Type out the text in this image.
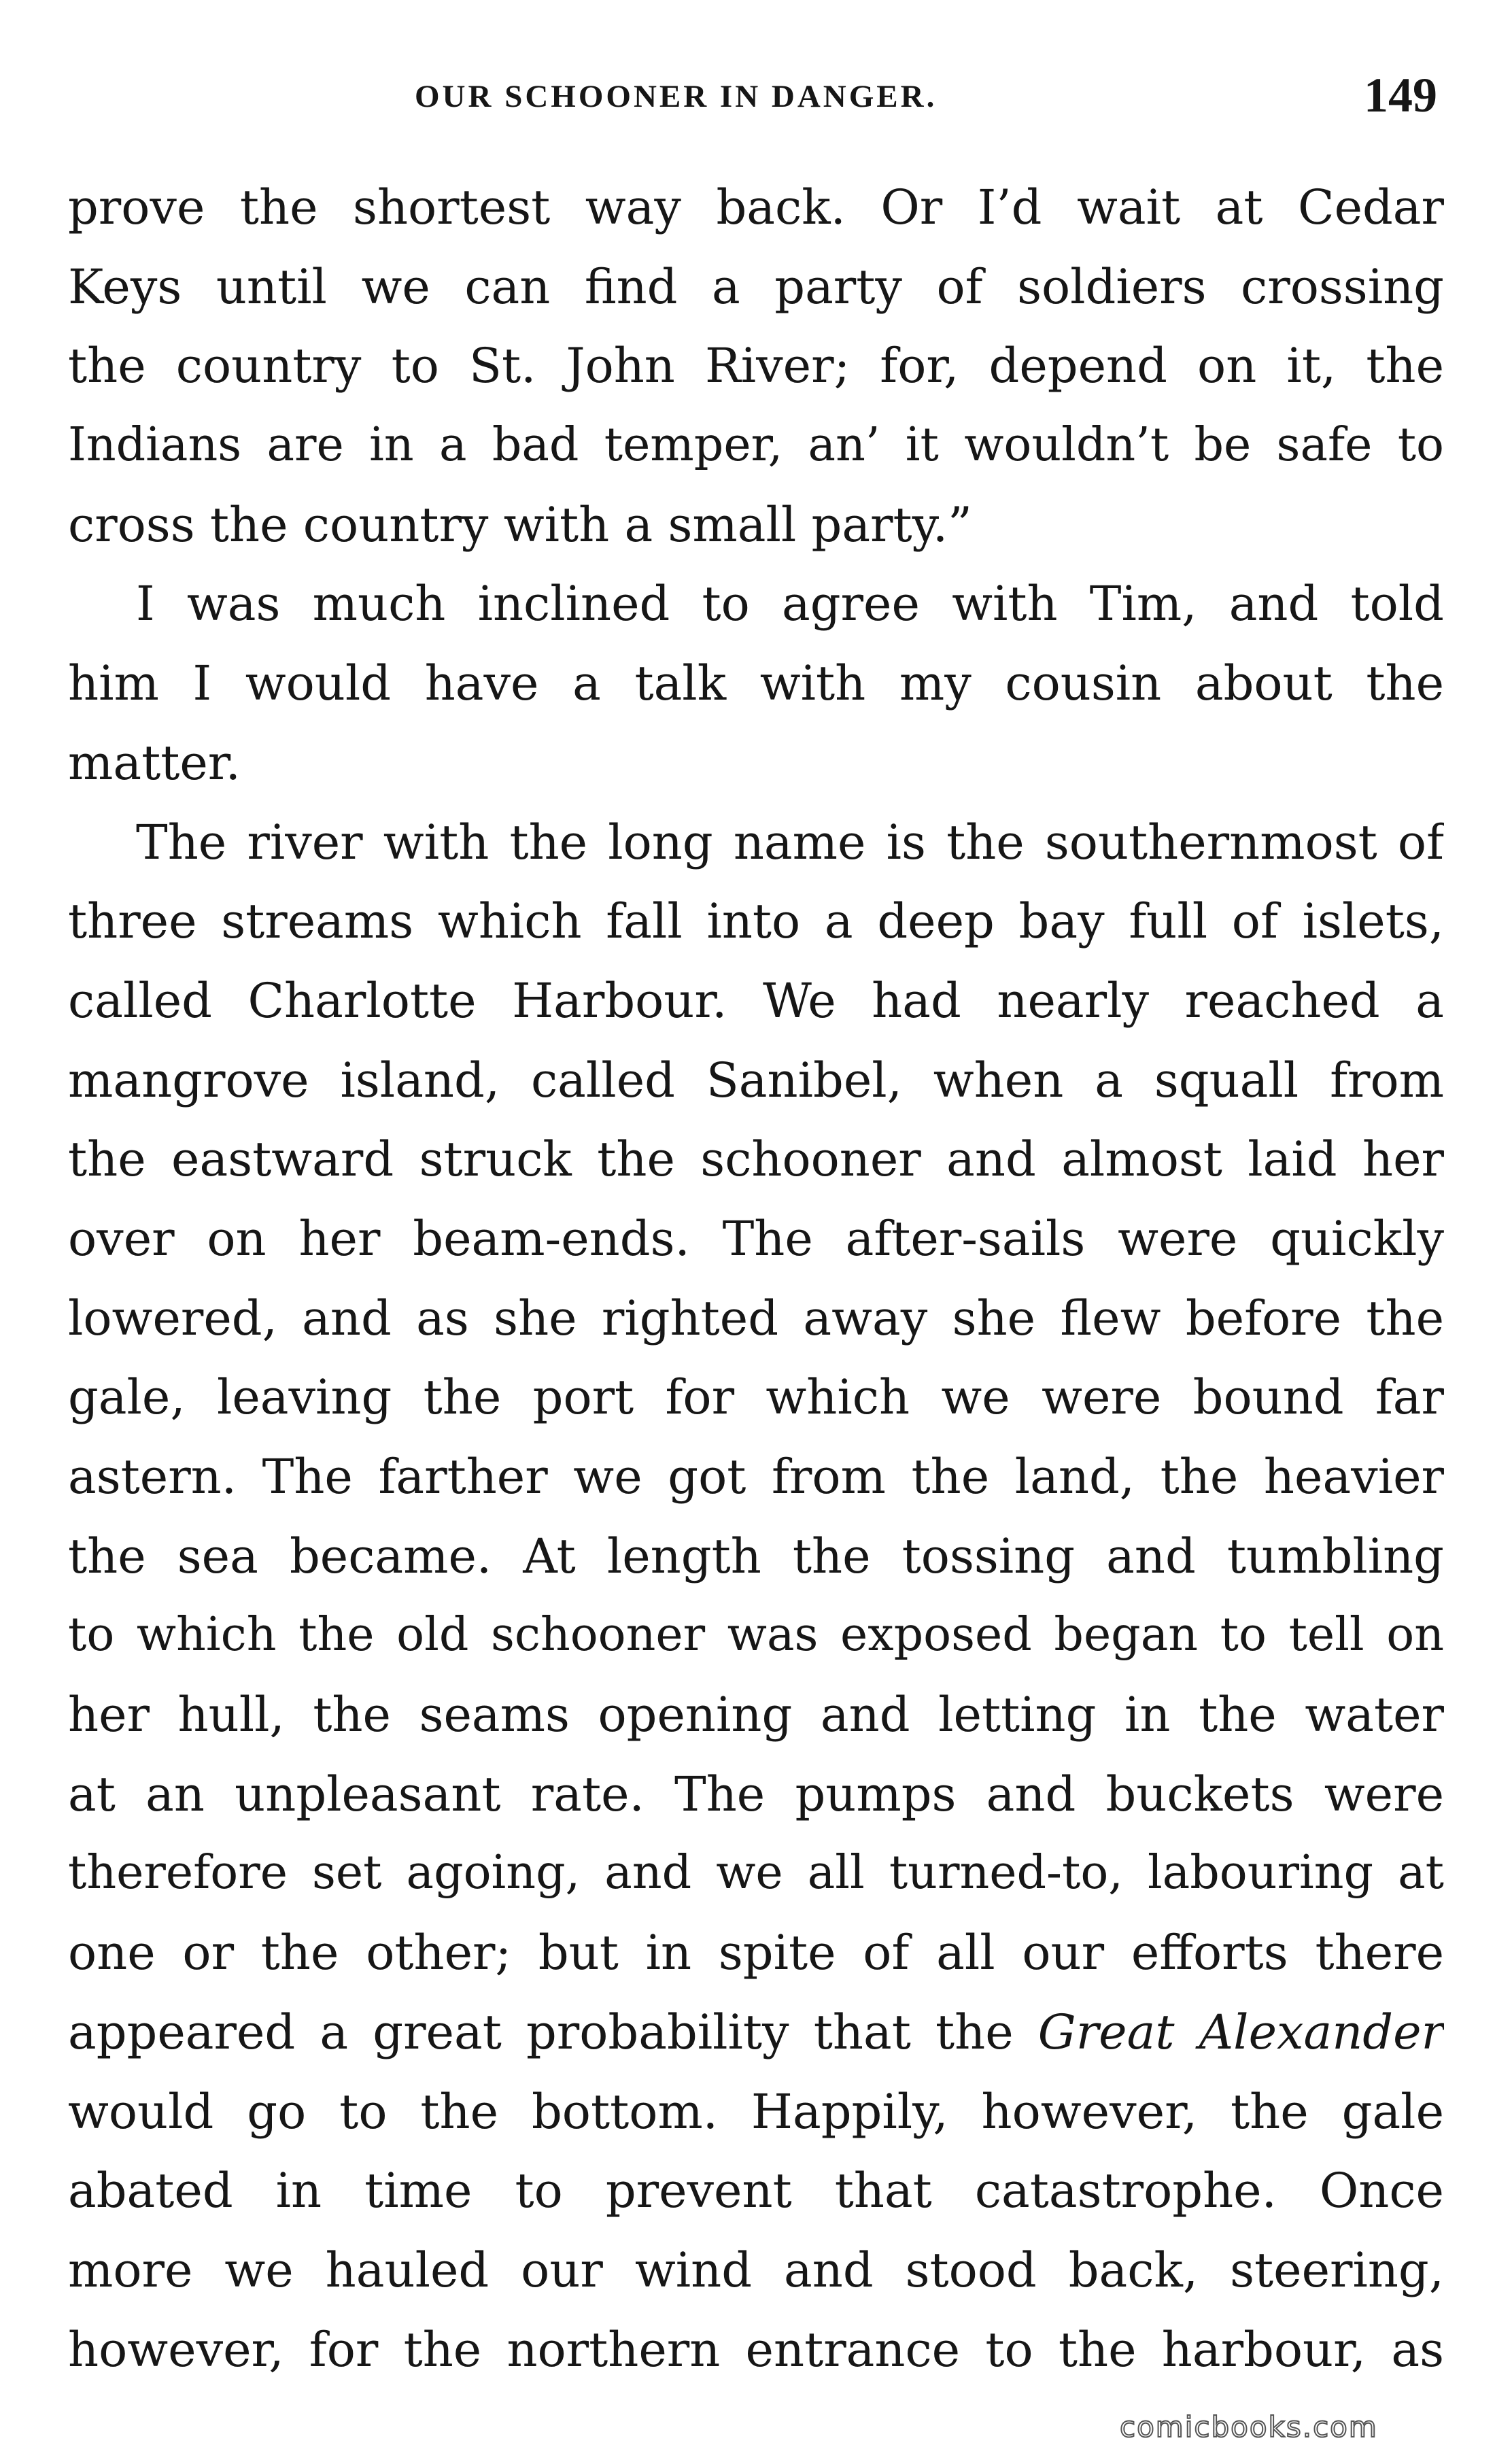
OUR SCHOONER IN DANGER.	149
prove the shortest way back. Or I’d wait at Cedar
Keys until we can find a party of soldiers crossing
the country to St. John River; for, depend on it, the
Indians are in a bad temper, an’ it wouldn’t be safe to
cross the country with a small party.”
I was much inclined to agree with Tim, and told
him I would have a talk with my cousin about the
matter.
The river with the long name is the southernmost of
three streams which fall into a deep bay full of islets,
called Charlotte Harbour. We had nearly reached a
mangrove island, called Sanibel, when a squall from
the eastward struck the schooner and almost laid her
over on her beam-ends. The after-sails were quickly
lowered, and as she righted away she flew before the
gale, leaving the port for which we were bound far
astern. The farther we got from the land, the heavier
the sea became. At length the tossing and tumbling
to which the old schooner was exposed began to tell on
her hull, the seams opening and letting in the water
at an unpleasant rate. The pumps and buckets were
therefore set agoing, and we all turned-to, labouring at
one or the other; but in spite of all our efforts there
appeared a great probability that the Great Alexander
would go to the bottom. Happily, however, the gale
abated in time to prevent that catastrophe. Once
more we hauled our wind and stood back, steering,
however, for the northern entrance to the harbour, as
comicbooks.com
